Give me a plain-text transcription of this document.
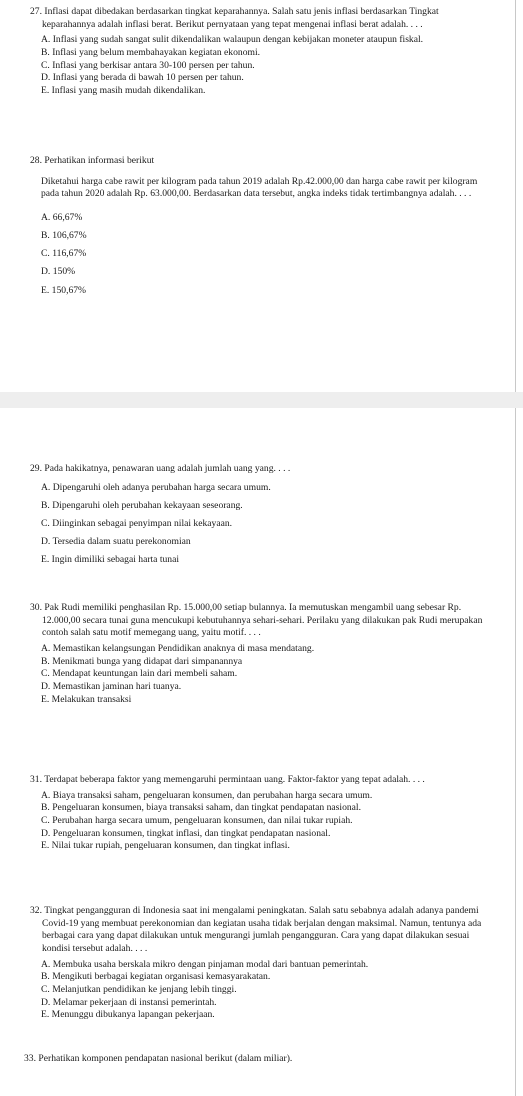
27. Inflasi dapat dibedakan berdasarkan tingkat keparahannya. Salah satu jenis inflasi berdasarkan Tingkat keparahannya adalah inflasi berat. Berikut pernyataan yang tepat mengenai inflasi berat adalah. . . .
A. Inflasi yang sudah sangat sulit dikendalikan walaupun dengan kebijakan moneter ataupun fiskal.
B. Inflasi yang belum membahayakan kegiatan ekonomi.
C. Inflasi yang berkisar antara 30-100 persen per tahun.
D. Inflasi yang berada di bawah 10 persen per tahun.
E. Inflasi yang masih mudah dikendalikan.
28. Perhatikan informasi berikut
Diketahui harga cabe rawit per kilogram pada tahun 2019 adalah Rp.42.000,00 dan harga cabe rawit per kilogram pada tahun 2020 adalah Rp. 63.000,00. Berdasarkan data tersebut, angka indeks tidak tertimbangnya adalah. . . .
A. 66,67%
B. 106,67%
C. 116,67%
D. 150%
E. 150,67%
29. Pada hakikatnya, penawaran uang adalah jumlah uang yang. . . .
A. Dipengaruhi oleh adanya perubahan harga secara umum.
B. Dipengaruhi oleh perubahan kekayaan seseorang.
C. Diinginkan sebagai penyimpan nilai kekayaan.
D. Tersedia dalam suatu perekonomian
E. Ingin dimiliki sebagai harta tunai
30. Pak Rudi memiliki penghasilan Rp. 15.000,00 setiap bulannya. Ia memutuskan mengambil uang sebesar Rp. 12.000,00 secara tunai guna mencukupi kebutuhannya sehari-sehari. Perilaku yang dilakukan pak Rudi merupakan contoh salah satu motif memegang uang, yaitu motif. . . .
A. Memastikan kelangsungan Pendidikan anaknya di masa mendatang.
B. Menikmati bunga yang didapat dari simpanannya
C. Mendapat keuntungan lain dari membeli saham.
D. Memastikan jaminan hari tuanya.
E. Melakukan transaksi
31. Terdapat beberapa faktor yang memengaruhi permintaan uang. Faktor-faktor yang tepat adalah. . . .
A. Biaya transaksi saham, pengeluaran konsumen, dan perubahan harga secara umum.
B. Pengeluaran konsumen, biaya transaksi saham, dan tingkat pendapatan nasional.
C. Perubahan harga secara umum, pengeluaran konsumen, dan nilai tukar rupiah.
D. Pengeluaran konsumen, tingkat inflasi, dan tingkat pendapatan nasional.
E. Nilai tukar rupiah, pengeluaran konsumen, dan tingkat inflasi.
32. Tingkat pengangguran di Indonesia saat ini mengalami peningkatan. Salah satu sebabnya adalah adanya pandemi Covid-19 yang membuat perekonomian dan kegiatan usaha tidak berjalan dengan maksimal. Namun, tentunya ada berbagai cara yang dapat dilakukan untuk mengurangi jumlah pengangguran. Cara yang dapat dilakukan sesuai kondisi tersebut adalah. . . .
A. Membuka usaha berskala mikro dengan pinjaman modal dari bantuan pemerintah.
B. Mengikuti berbagai kegiatan organisasi kemasyarakatan.
C. Melanjutkan pendidikan ke jenjang lebih tinggi.
D. Melamar pekerjaan di instansi pemerintah.
E. Menunggu dibukanya lapangan pekerjaan.
33. Perhatikan komponen pendapatan nasional berikut (dalam miliar).
